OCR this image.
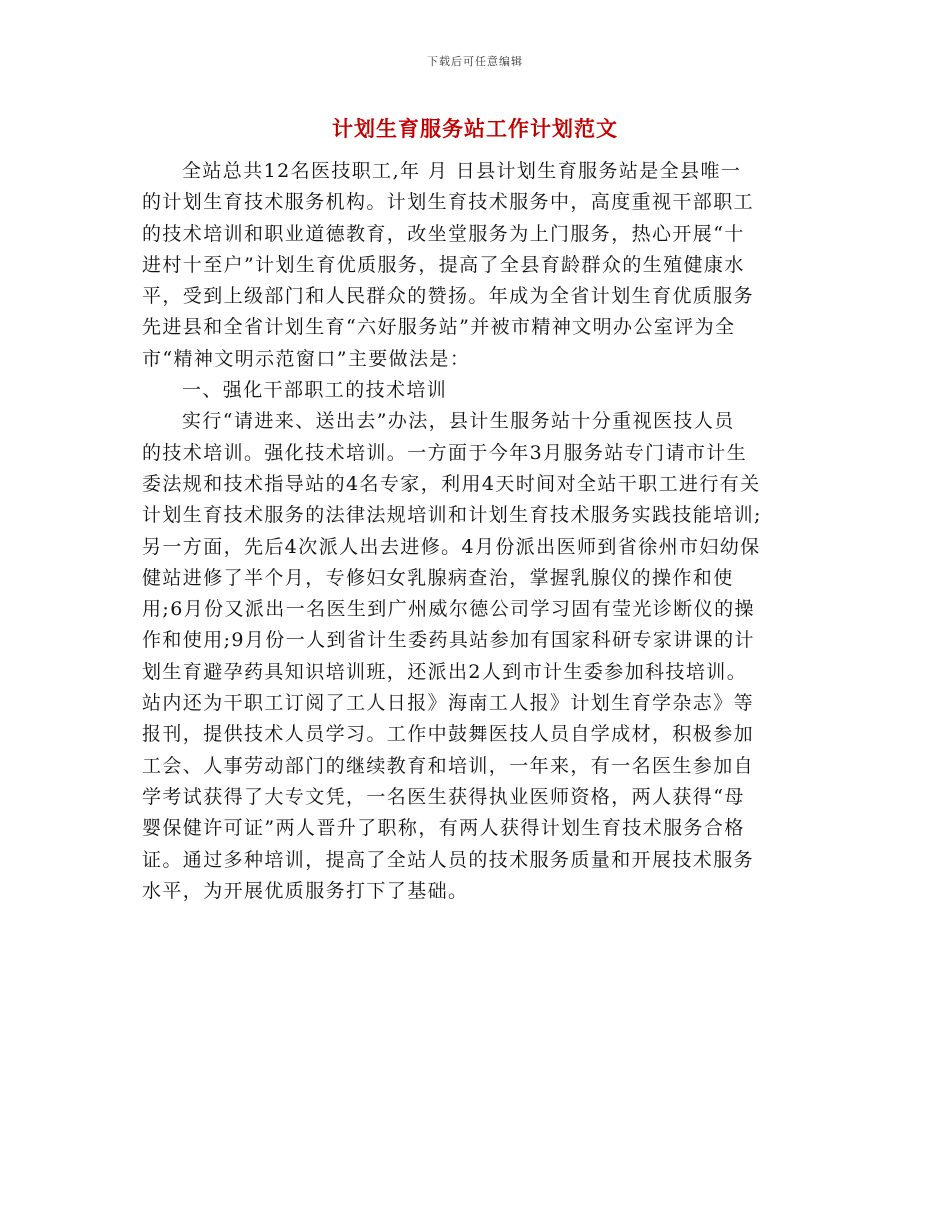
下载后可任意编辑
计划生育服务站工作计划范文
全站总共12名医技职工,年 月 日县计划生育服务站是全县唯一
的计划生育技术服务机构。计划生育技术服务中，高度重视干部职工
的技术培训和职业道德教育，改坐堂服务为上门服务，热心开展“十
进村十至户”计划生育优质服务，提高了全县育龄群众的生殖健康水
平，受到上级部门和人民群众的赞扬。年成为全省计划生育优质服务
先进县和全省计划生育“六好服务站”并被市精神文明办公室评为全
市“精神文明示范窗口”主要做法是：
一、强化干部职工的技术培训
实行“请进来、送出去”办法，县计生服务站十分重视医技人员
的技术培训。强化技术培训。一方面于今年3月服务站专门请市计生
委法规和技术指导站的4名专家，利用4天时间对全站干职工进行有关
计划生育技术服务的法律法规培训和计划生育技术服务实践技能培训;
另一方面，先后4次派人出去进修。4月份派出医师到省徐州市妇幼保
健站进修了半个月，专修妇女乳腺病查治，掌握乳腺仪的操作和使
用;6月份又派出一名医生到广州威尔德公司学习固有莹光诊断仪的操
作和使用;9月份一人到省计生委药具站参加有国家科研专家讲课的计
划生育避孕药具知识培训班，还派出2人到市计生委参加科技培训。
站内还为干职工订阅了工人日报》海南工人报》计划生育学杂志》等
报刊，提供技术人员学习。工作中鼓舞医技人员自学成材，积极参加
工会、人事劳动部门的继续教育和培训，一年来，有一名医生参加自
学考试获得了大专文凭，一名医生获得执业医师资格，两人获得“母
婴保健许可证”两人晋升了职称，有两人获得计划生育技术服务合格
证。通过多种培训，提高了全站人员的技术服务质量和开展技术服务
水平，为开展优质服务打下了基础。
